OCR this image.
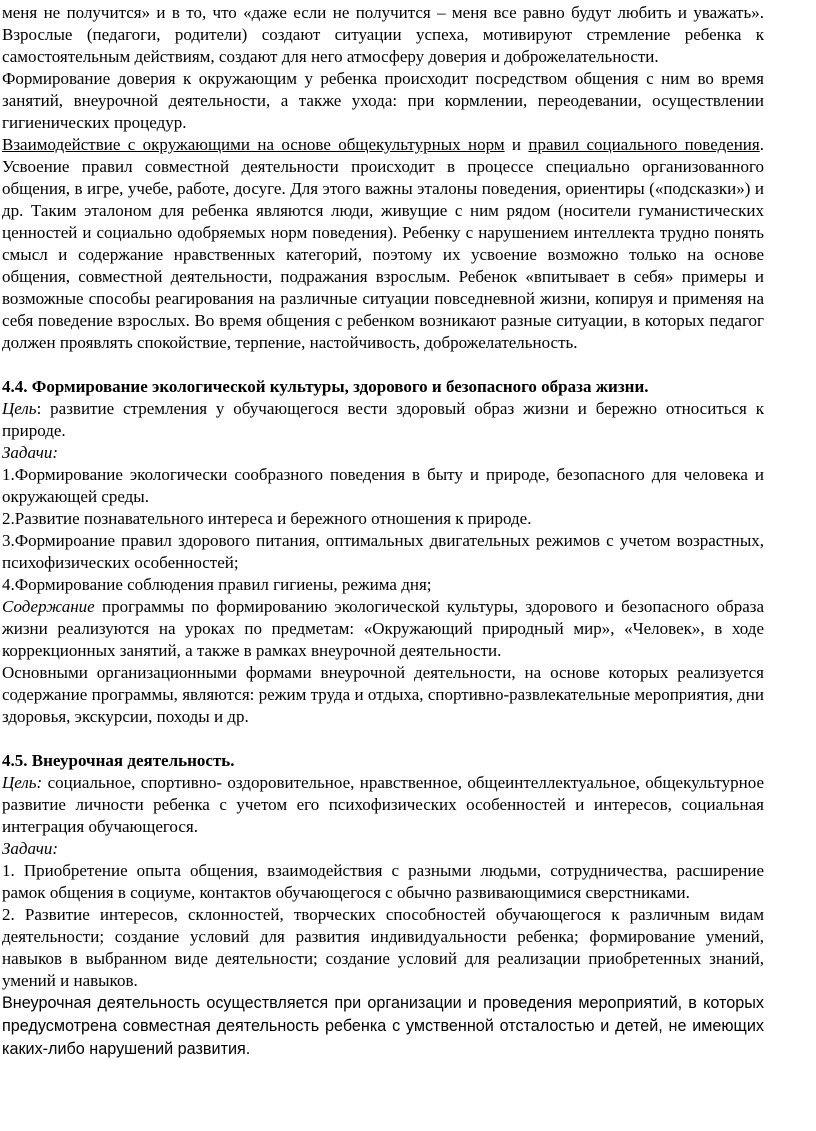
меня не получится» и в то, что «даже если не получится – меня все равно будут любить и уважать». Взрослые (педагоги, родители) создают ситуации успеха, мотивируют стремление ребенка к самостоятельным действиям, создают для него атмосферу доверия и доброжелательности.

Формирование доверия к окружающим у ребенка происходит посредством общения с ним во время занятий, внеурочной деятельности, а также ухода: при кормлении, переодевании, осуществлении гигиенических процедур.

Взаимодействие с окружающими на основе общекультурных норм и правил социального поведения. Усвоение правил совместной деятельности происходит в процессе специально организованного общения, в игре, учебе, работе, досуге. Для этого важны эталоны поведения, ориентиры («подсказки») и др. Таким эталоном для ребенка являются люди, живущие с ним рядом (носители гуманистических ценностей и социально одобряемых норм поведения). Ребенку с нарушением интеллекта трудно понять смысл и содержание нравственных категорий, поэтому их усвоение возможно только на основе общения, совместной деятельности, подражания взрослым. Ребенок «впитывает в себя» примеры и возможные способы реагирования на различные ситуации повседневной жизни, копируя и применяя на себя поведение взрослых. Во время общения с ребенком возникают разные ситуации, в которых педагог должен проявлять спокойствие, терпение, настойчивость, доброжелательность.

4.4. Формирование экологической культуры, здорового и безопасного образа жизни.

Цель: развитие стремления у обучающегося вести здоровый образ жизни и бережно относиться к природе.

Задачи:

1.Формирование экологически сообразного поведения в быту и природе, безопасного для человека и окружающей среды.

2.Развитие познавательного интереса и бережного отношения к природе.

3.Формироание правил здорового питания, оптимальных двигательных режимов с учетом возрастных, психофизических особенностей;

4.Формирование соблюдения правил гигиены, режима дня;

Содержание программы по формированию экологической культуры, здорового и безопасного образа жизни реализуются на уроках по предметам: «Окружающий природный мир», «Человек», в ходе коррекционных занятий, а также в рамках внеурочной деятельности.

Основными организационными формами внеурочной деятельности, на основе которых реализуется содержание программы, являются: режим труда и отдыха, спортивно-развлекательные мероприятия, дни здоровья, экскурсии, походы и др.

4.5. Внеурочная деятельность.

Цель: социальное, спортивно- оздоровительное, нравственное, общеинтеллектуальное, общекультурное развитие личности ребенка с учетом его психофизических особенностей и интересов, социальная интеграция обучающегося.

Задачи:

1. Приобретение опыта общения, взаимодействия с разными людьми, сотрудничества, расширение рамок общения в социуме, контактов обучающегося с обычно развивающимися сверстниками.

2. Развитие интересов, склонностей, творческих способностей обучающегося к различным видам деятельности; создание условий для развития индивидуальности ребенка; формирование умений, навыков в выбранном виде деятельности; создание условий для реализации приобретенных знаний, умений и навыков.

Внеурочная деятельность осуществляется при организации и проведения мероприятий, в которых предусмотрена совместная деятельность ребенка с умственной отсталостью и детей, не имеющих каких-либо нарушений развития.
